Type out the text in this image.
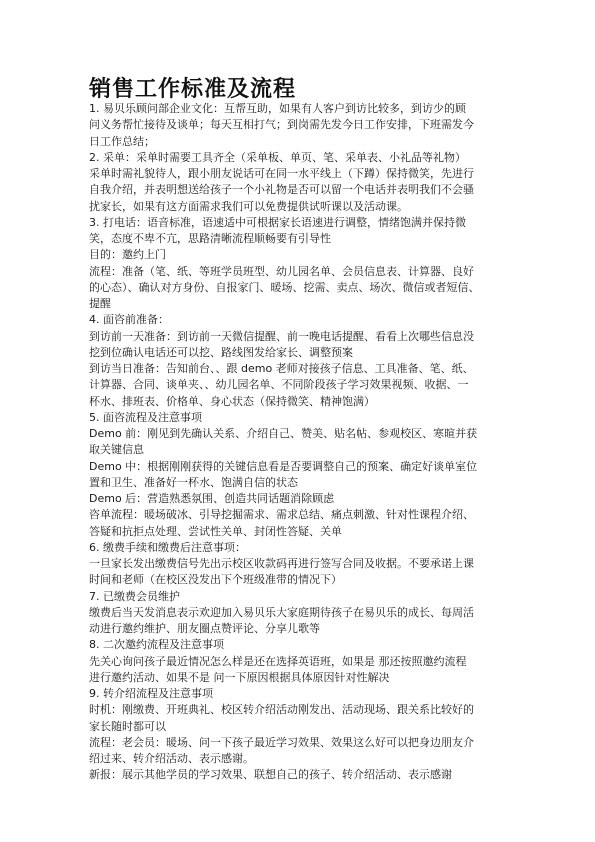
销售工作标准及流程
1. 易贝乐顾问部企业文化：互帮互助，如果有人客户到访比较多，到访少的顾
问义务帮忙接待及谈单；每天互相打气；到岗需先发今日工作安排，下班需发今
日工作总结；
2. 采单：采单时需要工具齐全（采单板、单页、笔、采单表、小礼品等礼物）
采单时需礼貌待人，跟小朋友说话可在同一水平线上（下蹲）保持微笑，先进行
自我介绍，并表明想送给孩子一个小礼物是否可以留一个电话并表明我们不会骚
扰家长，如果有这方面需求我们可以免费提供试听课以及活动课。
3. 打电话：语音标准，语速适中可根据家长语速进行调整，情绪饱满并保持微
笑，态度不卑不亢，思路清晰流程顺畅要有引导性
目的：邀约上门
流程：准备（笔、纸、等班学员班型、幼儿园名单、会员信息表、计算器、良好
的心态）、确认对方身份、自报家门、暖场、挖需、卖点、场次、微信或者短信、
提醒
4. 面咨前准备：
到访前一天准备：到访前一天微信提醒、前一晚电话提醒、看看上次哪些信息没
挖到位确认电话还可以挖、路线图发给家长、调整预案
到访当日准备：告知前台、、跟 demo 老师对接孩子信息、工具准备、笔、纸、
计算器、合同、谈单夹、、幼儿园名单、不同阶段孩子学习效果视频、收据、一
杯水、排班表、价格单、身心状态（保持微笑、精神饱满）
5. 面咨流程及注意事项
Demo 前：刚见到先确认关系、介绍自己、赞美、贴名帖、参观校区、寒暄并获
取关键信息
Demo 中：根据刚刚获得的关键信息看是否要调整自己的预案、确定好谈单室位
置和卫生、准备好一杯水、饱满自信的状态
Demo 后：营造熟悉氛围、创造共同话题消除顾虑
咨单流程：暖场破冰、引导挖掘需求、需求总结、痛点刺激、针对性课程介绍、
答疑和抗拒点处理、尝试性关单、封闭性答疑、关单
6. 缴费手续和缴费后注意事项：
一旦家长发出缴费信号先出示校区收款码再进行签写合同及收据。不要承诺上课
时间和老师（在校区没发出下个班级准带的情况下）
7. 已缴费会员维护
缴费后当天发消息表示欢迎加入易贝乐大家庭期待孩子在易贝乐的成长、每周活
动进行邀约维护、朋友圈点赞评论、分享儿歌等
8. 二次邀约流程及注意事项
先关心询问孩子最近情况怎么样是还在选择英语班，如果是 那还按照邀约流程
进行邀约活动、如果不是 问一下原因根据具体原因针对性解决
9. 转介绍流程及注意事项
时机：刚缴费、开班典礼、校区转介绍活动刚发出、活动现场、跟关系比较好的
家长随时都可以
流程：老会员：暖场、问一下孩子最近学习效果、效果这么好可以把身边朋友介
绍过来、转介绍活动、表示感谢。
新报：展示其他学员的学习效果、联想自己的孩子、转介绍活动、表示感谢
